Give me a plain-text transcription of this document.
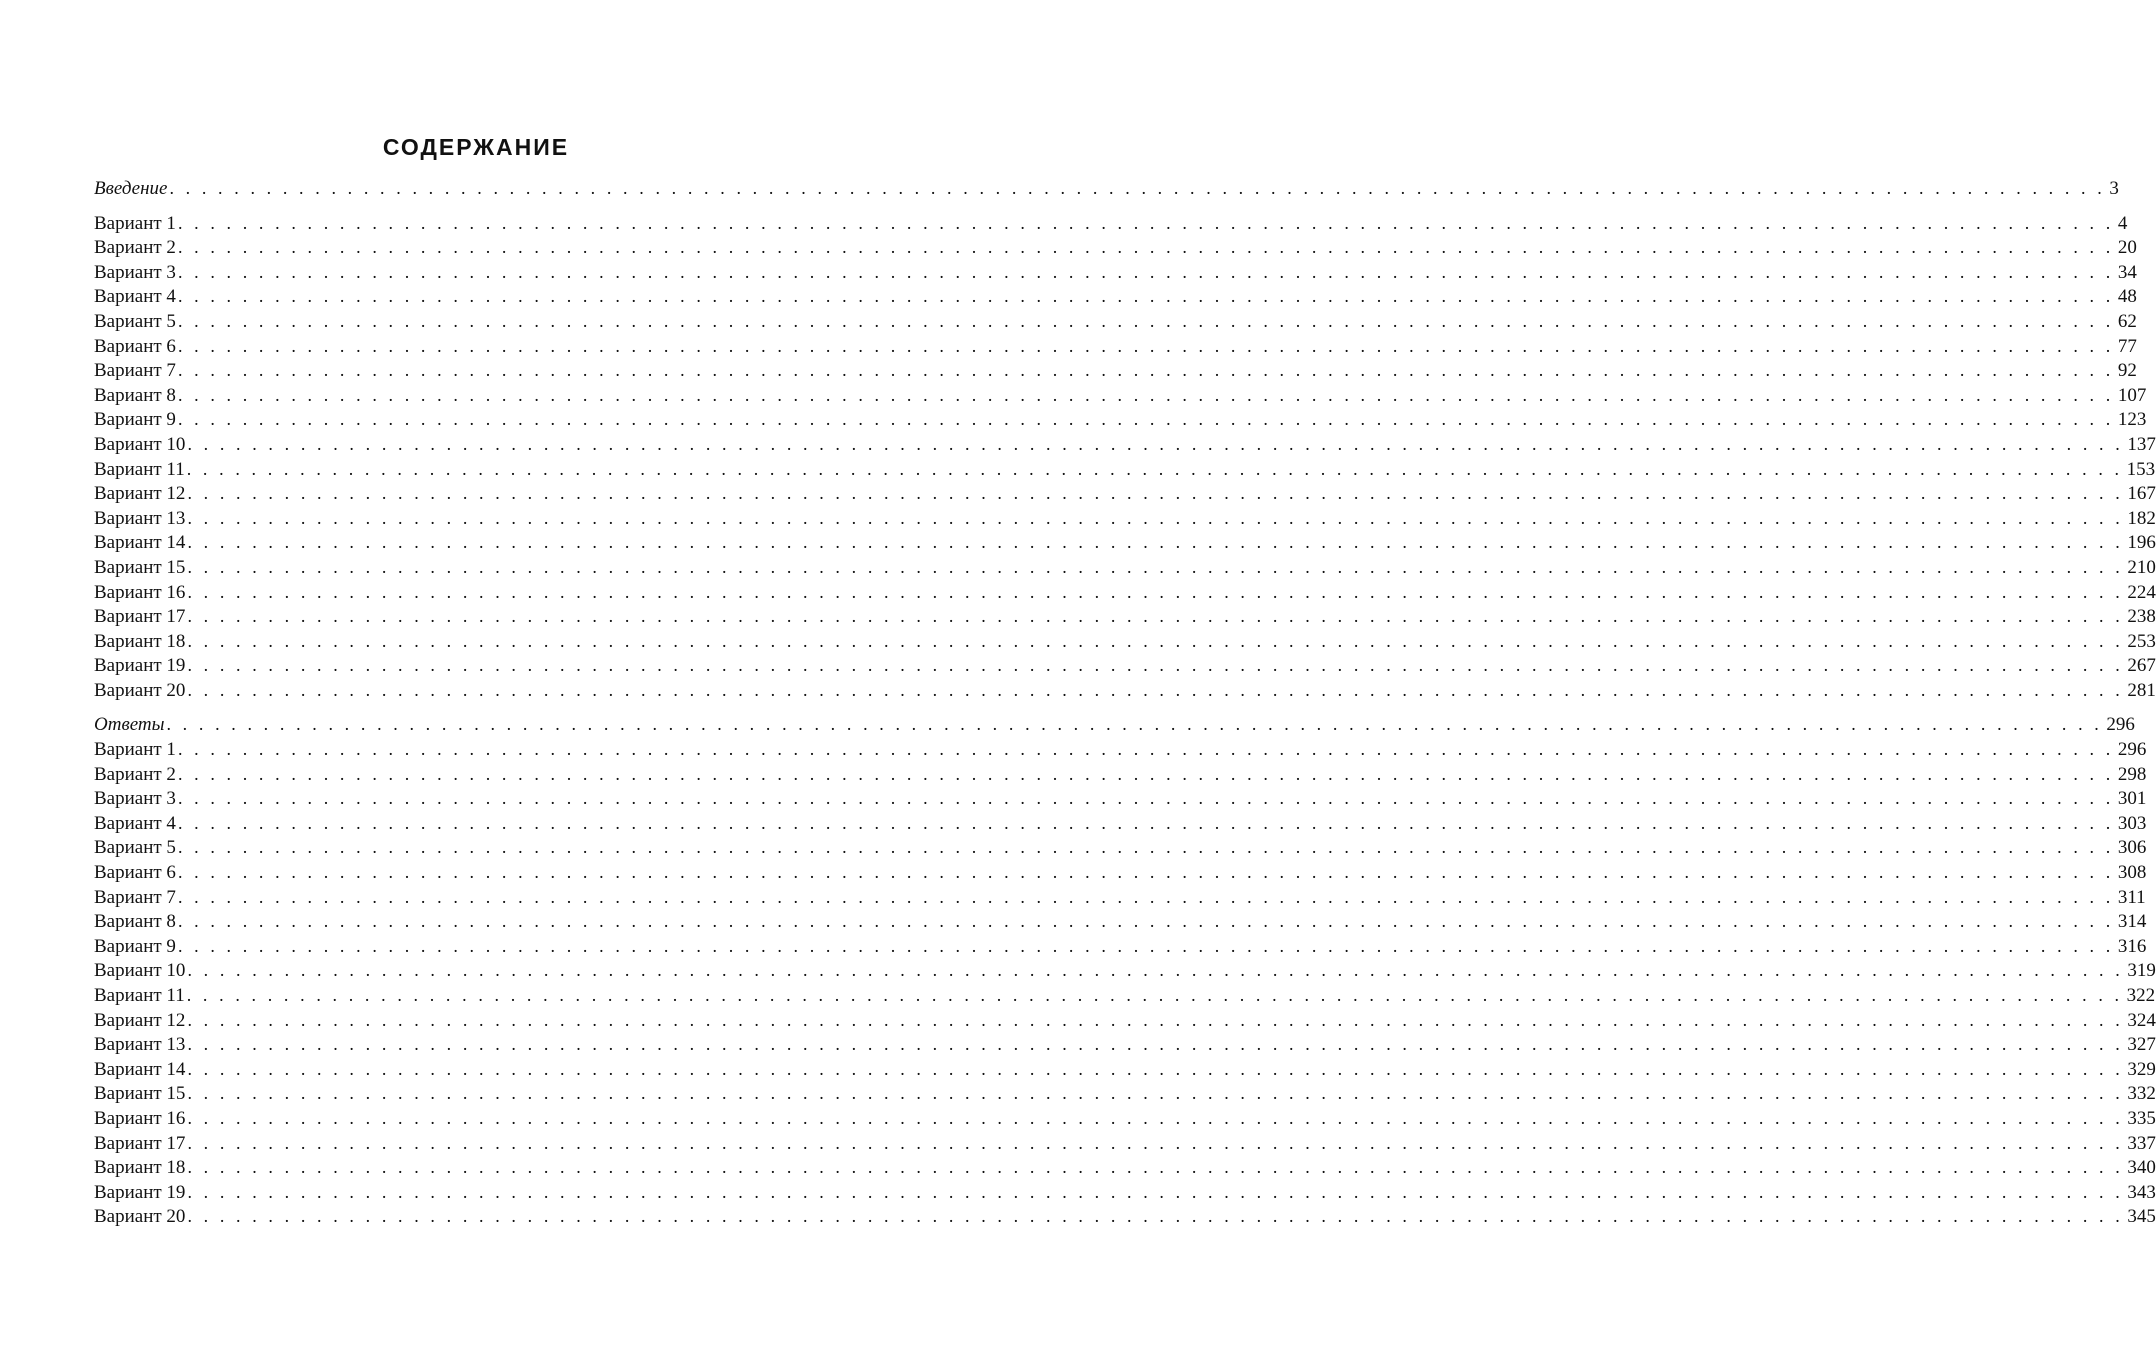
СОДЕРЖАНИЕ
Введение . . . . . . . . . . . . . . . . . . . . . . . . . . . . . . . . . . . . . . . . . . . . . . . . . . . . . . . . . . . . . . . . . . . . . . . . . . . . . . . . . . . . . . . . . . . . . . . . . . . . . . . . . . . . . . . . . . . . . . . . 3
Вариант 1 . . . . . . . . . . . . . . . . . . . . . . . . . . . . . . . . . . . . . . . . . . . . . . . . . . . . . . . . . . . . . . . . . . . . . . . . . . . . . . . . . . . . . . . . . . . . . . . . . . . . . . . . . . . . . . . . . . . . . . . . 4
Вариант 2 . . . . . . . . . . . . . . . . . . . . . . . . . . . . . . . . . . . . . . . . . . . . . . . . . . . . . . . . . . . . . . . . . . . . . . . . . . . . . . . . . . . . . . . . . . . . . . . . . . . . . . . . . . . . . . . . . . . . . . . . 20
Вариант 3 . . . . . . . . . . . . . . . . . . . . . . . . . . . . . . . . . . . . . . . . . . . . . . . . . . . . . . . . . . . . . . . . . . . . . . . . . . . . . . . . . . . . . . . . . . . . . . . . . . . . . . . . . . . . . . . . . . . . . . . . 34
Вариант 4 . . . . . . . . . . . . . . . . . . . . . . . . . . . . . . . . . . . . . . . . . . . . . . . . . . . . . . . . . . . . . . . . . . . . . . . . . . . . . . . . . . . . . . . . . . . . . . . . . . . . . . . . . . . . . . . . . . . . . . . . 48
Вариант 5 . . . . . . . . . . . . . . . . . . . . . . . . . . . . . . . . . . . . . . . . . . . . . . . . . . . . . . . . . . . . . . . . . . . . . . . . . . . . . . . . . . . . . . . . . . . . . . . . . . . . . . . . . . . . . . . . . . . . . . . . 62
Вариант 6 . . . . . . . . . . . . . . . . . . . . . . . . . . . . . . . . . . . . . . . . . . . . . . . . . . . . . . . . . . . . . . . . . . . . . . . . . . . . . . . . . . . . . . . . . . . . . . . . . . . . . . . . . . . . . . . . . . . . . . . . 77
Вариант 7 . . . . . . . . . . . . . . . . . . . . . . . . . . . . . . . . . . . . . . . . . . . . . . . . . . . . . . . . . . . . . . . . . . . . . . . . . . . . . . . . . . . . . . . . . . . . . . . . . . . . . . . . . . . . . . . . . . . . . . . . 92
Вариант 8 . . . . . . . . . . . . . . . . . . . . . . . . . . . . . . . . . . . . . . . . . . . . . . . . . . . . . . . . . . . . . . . . . . . . . . . . . . . . . . . . . . . . . . . . . . . . . . . . . . . . . . . . . . . . . . . . . . . . . . . . 107
Вариант 9 . . . . . . . . . . . . . . . . . . . . . . . . . . . . . . . . . . . . . . . . . . . . . . . . . . . . . . . . . . . . . . . . . . . . . . . . . . . . . . . . . . . . . . . . . . . . . . . . . . . . . . . . . . . . . . . . . . . . . . . . 123
Вариант 10 . . . . . . . . . . . . . . . . . . . . . . . . . . . . . . . . . . . . . . . . . . . . . . . . . . . . . . . . . . . . . . . . . . . . . . . . . . . . . . . . . . . . . . . . . . . . . . . . . . . . . . . . . . . . . . . . . . . . . . . . 137
Вариант 11 . . . . . . . . . . . . . . . . . . . . . . . . . . . . . . . . . . . . . . . . . . . . . . . . . . . . . . . . . . . . . . . . . . . . . . . . . . . . . . . . . . . . . . . . . . . . . . . . . . . . . . . . . . . . . . . . . . . . . . . . 153
Вариант 12 . . . . . . . . . . . . . . . . . . . . . . . . . . . . . . . . . . . . . . . . . . . . . . . . . . . . . . . . . . . . . . . . . . . . . . . . . . . . . . . . . . . . . . . . . . . . . . . . . . . . . . . . . . . . . . . . . . . . . . . . 167
Вариант 13 . . . . . . . . . . . . . . . . . . . . . . . . . . . . . . . . . . . . . . . . . . . . . . . . . . . . . . . . . . . . . . . . . . . . . . . . . . . . . . . . . . . . . . . . . . . . . . . . . . . . . . . . . . . . . . . . . . . . . . . . 182
Вариант 14 . . . . . . . . . . . . . . . . . . . . . . . . . . . . . . . . . . . . . . . . . . . . . . . . . . . . . . . . . . . . . . . . . . . . . . . . . . . . . . . . . . . . . . . . . . . . . . . . . . . . . . . . . . . . . . . . . . . . . . . . 196
Вариант 15 . . . . . . . . . . . . . . . . . . . . . . . . . . . . . . . . . . . . . . . . . . . . . . . . . . . . . . . . . . . . . . . . . . . . . . . . . . . . . . . . . . . . . . . . . . . . . . . . . . . . . . . . . . . . . . . . . . . . . . . . 210
Вариант 16 . . . . . . . . . . . . . . . . . . . . . . . . . . . . . . . . . . . . . . . . . . . . . . . . . . . . . . . . . . . . . . . . . . . . . . . . . . . . . . . . . . . . . . . . . . . . . . . . . . . . . . . . . . . . . . . . . . . . . . . . 224
Вариант 17 . . . . . . . . . . . . . . . . . . . . . . . . . . . . . . . . . . . . . . . . . . . . . . . . . . . . . . . . . . . . . . . . . . . . . . . . . . . . . . . . . . . . . . . . . . . . . . . . . . . . . . . . . . . . . . . . . . . . . . . . 238
Вариант 18 . . . . . . . . . . . . . . . . . . . . . . . . . . . . . . . . . . . . . . . . . . . . . . . . . . . . . . . . . . . . . . . . . . . . . . . . . . . . . . . . . . . . . . . . . . . . . . . . . . . . . . . . . . . . . . . . . . . . . . . . 253
Вариант 19 . . . . . . . . . . . . . . . . . . . . . . . . . . . . . . . . . . . . . . . . . . . . . . . . . . . . . . . . . . . . . . . . . . . . . . . . . . . . . . . . . . . . . . . . . . . . . . . . . . . . . . . . . . . . . . . . . . . . . . . . 267
Вариант 20 . . . . . . . . . . . . . . . . . . . . . . . . . . . . . . . . . . . . . . . . . . . . . . . . . . . . . . . . . . . . . . . . . . . . . . . . . . . . . . . . . . . . . . . . . . . . . . . . . . . . . . . . . . . . . . . . . . . . . . . . 281
Ответы . . . . . . . . . . . . . . . . . . . . . . . . . . . . . . . . . . . . . . . . . . . . . . . . . . . . . . . . . . . . . . . . . . . . . . . . . . . . . . . . . . . . . . . . . . . . . . . . . . . . . . . . . . . . . . . . . . . . . . . . 296
Вариант 1 . . . . . . . . . . . . . . . . . . . . . . . . . . . . . . . . . . . . . . . . . . . . . . . . . . . . . . . . . . . . . . . . . . . . . . . . . . . . . . . . . . . . . . . . . . . . . . . . . . . . . . . . . . . . . . . . . . . . . . . . 296
Вариант 2 . . . . . . . . . . . . . . . . . . . . . . . . . . . . . . . . . . . . . . . . . . . . . . . . . . . . . . . . . . . . . . . . . . . . . . . . . . . . . . . . . . . . . . . . . . . . . . . . . . . . . . . . . . . . . . . . . . . . . . . . 298
Вариант 3 . . . . . . . . . . . . . . . . . . . . . . . . . . . . . . . . . . . . . . . . . . . . . . . . . . . . . . . . . . . . . . . . . . . . . . . . . . . . . . . . . . . . . . . . . . . . . . . . . . . . . . . . . . . . . . . . . . . . . . . . 301
Вариант 4 . . . . . . . . . . . . . . . . . . . . . . . . . . . . . . . . . . . . . . . . . . . . . . . . . . . . . . . . . . . . . . . . . . . . . . . . . . . . . . . . . . . . . . . . . . . . . . . . . . . . . . . . . . . . . . . . . . . . . . . . 303
Вариант 5 . . . . . . . . . . . . . . . . . . . . . . . . . . . . . . . . . . . . . . . . . . . . . . . . . . . . . . . . . . . . . . . . . . . . . . . . . . . . . . . . . . . . . . . . . . . . . . . . . . . . . . . . . . . . . . . . . . . . . . . . 306
Вариант 6 . . . . . . . . . . . . . . . . . . . . . . . . . . . . . . . . . . . . . . . . . . . . . . . . . . . . . . . . . . . . . . . . . . . . . . . . . . . . . . . . . . . . . . . . . . . . . . . . . . . . . . . . . . . . . . . . . . . . . . . . 308
Вариант 7 . . . . . . . . . . . . . . . . . . . . . . . . . . . . . . . . . . . . . . . . . . . . . . . . . . . . . . . . . . . . . . . . . . . . . . . . . . . . . . . . . . . . . . . . . . . . . . . . . . . . . . . . . . . . . . . . . . . . . . . . 311
Вариант 8 . . . . . . . . . . . . . . . . . . . . . . . . . . . . . . . . . . . . . . . . . . . . . . . . . . . . . . . . . . . . . . . . . . . . . . . . . . . . . . . . . . . . . . . . . . . . . . . . . . . . . . . . . . . . . . . . . . . . . . . . 314
Вариант 9 . . . . . . . . . . . . . . . . . . . . . . . . . . . . . . . . . . . . . . . . . . . . . . . . . . . . . . . . . . . . . . . . . . . . . . . . . . . . . . . . . . . . . . . . . . . . . . . . . . . . . . . . . . . . . . . . . . . . . . . . 316
Вариант 10 . . . . . . . . . . . . . . . . . . . . . . . . . . . . . . . . . . . . . . . . . . . . . . . . . . . . . . . . . . . . . . . . . . . . . . . . . . . . . . . . . . . . . . . . . . . . . . . . . . . . . . . . . . . . . . . . . . . . . . . . 319
Вариант 11 . . . . . . . . . . . . . . . . . . . . . . . . . . . . . . . . . . . . . . . . . . . . . . . . . . . . . . . . . . . . . . . . . . . . . . . . . . . . . . . . . . . . . . . . . . . . . . . . . . . . . . . . . . . . . . . . . . . . . . . . 322
Вариант 12 . . . . . . . . . . . . . . . . . . . . . . . . . . . . . . . . . . . . . . . . . . . . . . . . . . . . . . . . . . . . . . . . . . . . . . . . . . . . . . . . . . . . . . . . . . . . . . . . . . . . . . . . . . . . . . . . . . . . . . . . 324
Вариант 13 . . . . . . . . . . . . . . . . . . . . . . . . . . . . . . . . . . . . . . . . . . . . . . . . . . . . . . . . . . . . . . . . . . . . . . . . . . . . . . . . . . . . . . . . . . . . . . . . . . . . . . . . . . . . . . . . . . . . . . . . 327
Вариант 14 . . . . . . . . . . . . . . . . . . . . . . . . . . . . . . . . . . . . . . . . . . . . . . . . . . . . . . . . . . . . . . . . . . . . . . . . . . . . . . . . . . . . . . . . . . . . . . . . . . . . . . . . . . . . . . . . . . . . . . . . 329
Вариант 15 . . . . . . . . . . . . . . . . . . . . . . . . . . . . . . . . . . . . . . . . . . . . . . . . . . . . . . . . . . . . . . . . . . . . . . . . . . . . . . . . . . . . . . . . . . . . . . . . . . . . . . . . . . . . . . . . . . . . . . . . 332
Вариант 16 . . . . . . . . . . . . . . . . . . . . . . . . . . . . . . . . . . . . . . . . . . . . . . . . . . . . . . . . . . . . . . . . . . . . . . . . . . . . . . . . . . . . . . . . . . . . . . . . . . . . . . . . . . . . . . . . . . . . . . . . 335
Вариант 17 . . . . . . . . . . . . . . . . . . . . . . . . . . . . . . . . . . . . . . . . . . . . . . . . . . . . . . . . . . . . . . . . . . . . . . . . . . . . . . . . . . . . . . . . . . . . . . . . . . . . . . . . . . . . . . . . . . . . . . . . 337
Вариант 18 . . . . . . . . . . . . . . . . . . . . . . . . . . . . . . . . . . . . . . . . . . . . . . . . . . . . . . . . . . . . . . . . . . . . . . . . . . . . . . . . . . . . . . . . . . . . . . . . . . . . . . . . . . . . . . . . . . . . . . . . 340
Вариант 19 . . . . . . . . . . . . . . . . . . . . . . . . . . . . . . . . . . . . . . . . . . . . . . . . . . . . . . . . . . . . . . . . . . . . . . . . . . . . . . . . . . . . . . . . . . . . . . . . . . . . . . . . . . . . . . . . . . . . . . . . 343
Вариант 20 . . . . . . . . . . . . . . . . . . . . . . . . . . . . . . . . . . . . . . . . . . . . . . . . . . . . . . . . . . . . . . . . . . . . . . . . . . . . . . . . . . . . . . . . . . . . . . . . . . . . . . . . . . . . . . . . . . . . . . . . 345
